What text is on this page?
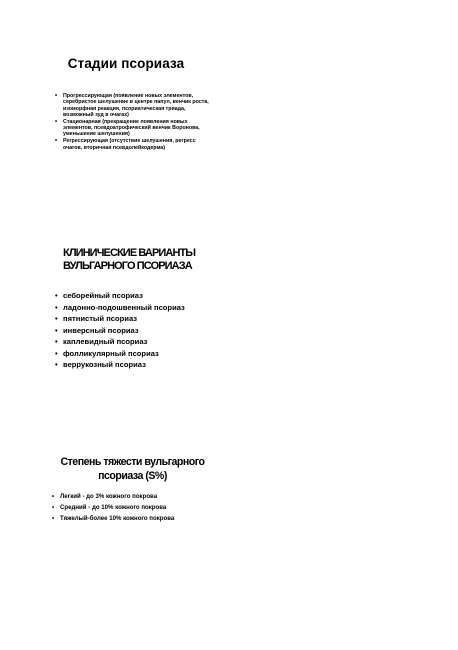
Стадии псориаза
• Прогрессирующая (появление новых элементов, серебристое шелушение в центре папул, венчик роста, изоморфная реакция, псориатическая триада, возможный зуд в очагах)
• Стационарная (прекращение появления новых элементов, псевдоатрофический венчик Воронова, уменьшение шелушения)
• Регрессирующая (отсутствие шелушения, регресс очагов, вторичная псевдолейкодерма)
КЛИНИЧЕСКИЕ ВАРИАНТЫ
ВУЛЬГАРНОГО ПСОРИАЗА
• себорейный псориаз
• ладонно-подошвенный псориаз
• пятнистый псориаз
• инверсный псориаз
• каплевидный псориаз
• фолликулярный псориаз
• веррукозный псориаз
Степень тяжести вульгарного
псориаза (S%)
• Легкий - до 3% кожного покрова
• Средний - до 10% кожного покрова
• Тяжелый-более 10% кожного покрова
